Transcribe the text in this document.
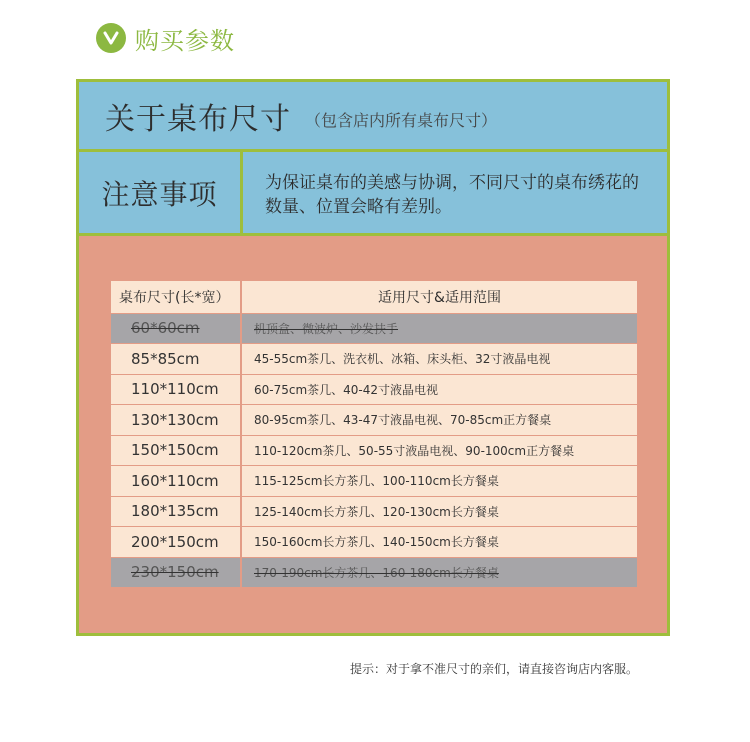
购买参数
关于桌布尺寸 （包含店内所有桌布尺寸）
注意事项	为保证桌布的美感与协调，不同尺寸的桌布绣花的数量、位置会略有差别。
桌布尺寸(长*宽）	适用尺寸&适用范围
60*60cm	机顶盒、微波炉、沙发扶手
85*85cm	45-55cm茶几、洗衣机、冰箱、床头柜、32寸液晶电视
110*110cm	60-75cm茶几、40-42寸液晶电视
130*130cm	80-95cm茶几、43-47寸液晶电视、70-85cm正方餐桌
150*150cm	110-120cm茶几、50-55寸液晶电视、90-100cm正方餐桌
160*110cm	115-125cm长方茶几、100-110cm长方餐桌
180*135cm	125-140cm长方茶几、120-130cm长方餐桌
200*150cm	150-160cm长方茶几、140-150cm长方餐桌
230*150cm	170-190cm长方茶几、160-180cm长方餐桌
提示：对于拿不准尺寸的亲们，请直接咨询店内客服。
